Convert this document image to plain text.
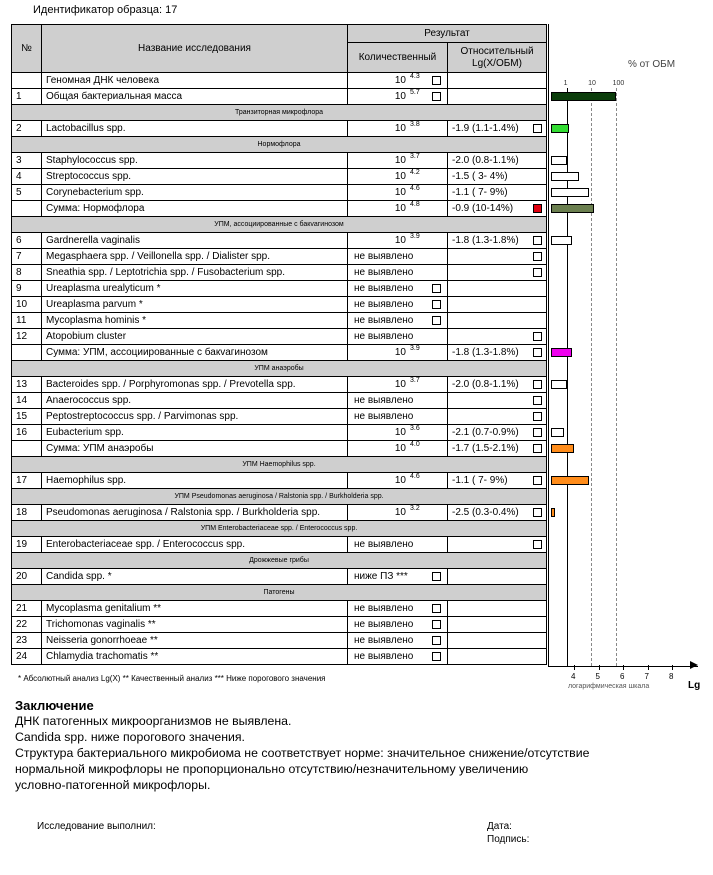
Идентификатор образца: 17
№	Название исследования	Результат	
		Количественный	Относительный
Lg(X/ОБМ)
	Геномная ДНК человека	10 4.3	

1	Общая бактериальная масса	10 5.7	

Транзиторная микрофлора			
2	Lactobacillus spp.	10 3.8	-1.9 (1.1-1.4%)

Нормофлора			
3	Staphylococcus spp.	10 3.7	-2.0 (0.8-1.1%)

4	Streptococcus spp.	10 4.2	-1.5 ( 3- 4%)

5	Corynebacterium spp.	10 4.6	-1.1 ( 7- 9%)

	Сумма: Нормофлора	10 4.8	-0.9 (10-14%)

УПМ, ассоциированные с бакvагинозом			
6	Gardnerella vaginalis	10 3.9	-1.8 (1.3-1.8%)

7	Megasphaera spp. / Veillonella spp. / Dialister spp.	не выявлено	

8	Sneathia spp. / Leptotrichia spp. / Fusobacterium spp.	не выявлено	

9	Ureaplasma urealyticum *	не выявлено	

10	Ureaplasma parvum *	не выявлено	

11	Mycoplasma hominis *	не выявлено	

12	Atopobium cluster	не выявлено	

	Сумма: УПМ, ассоциированные с бакvагинозом	10 3.9	-1.8 (1.3-1.8%)

УПМ анаэробы			
13	Bacteroides spp. / Porphyromonas spp. / Prevotella spp.	10 3.7	-2.0 (0.8-1.1%)

14	Anaerococcus spp.	не выявлено	

15	Peptostreptococcus spp. / Parvimonas spp.	не выявлено	

16	Eubacterium spp.	10 3.6	-2.1 (0.7-0.9%)

	Сумма: УПМ анаэробы	10 4.0	-1.7 (1.5-2.1%)

УПМ Haemophilus spp.			
17	Haemophilus spp.	10 4.6	-1.1 ( 7- 9%)

УПМ Pseudomonas aeruginosa / Ralstonia spp. / Burkholderia spp.			
18	Pseudomonas aeruginosa / Ralstonia spp. / Burkholderia spp.	10 3.2	-2.5 (0.3-0.4%)

УПМ Enterobacteriaceae spp. / Enterococcus spp.			
19	Enterobacteriaceae spp. / Enterococcus spp.	не выявлено	

Дрожжевые грибы			
20	Candida spp. *	ниже ПЗ ***	

Патогены			
21	Mycoplasma genitalium **	не выявлено	

22	Trichomonas vaginalis **	не выявлено	

23	Neisseria gonorrhoeae **	не выявлено	

24	Chlamydia trachomatis **	не выявлено	

% от ОБМ
1	10 100
4	5	6	7	8
логарифмическая шкала	Lg
* Абсолютный анализ Lg(X) ** Качественный анализ *** Ниже порогового значения
Заключение
ДНК патогенных микроорганизмов не выявлена.
Candida spp. ниже порогового значения.
Структура бактериального микробиома не соответствует норме: значительное снижение/отсутствие
нормальной микрофлоры не пропорционально отсутствию/незначительному увеличению
условно-патогенной микрофлоры.
Исследование выполнил:	Дата:
Подпись:
